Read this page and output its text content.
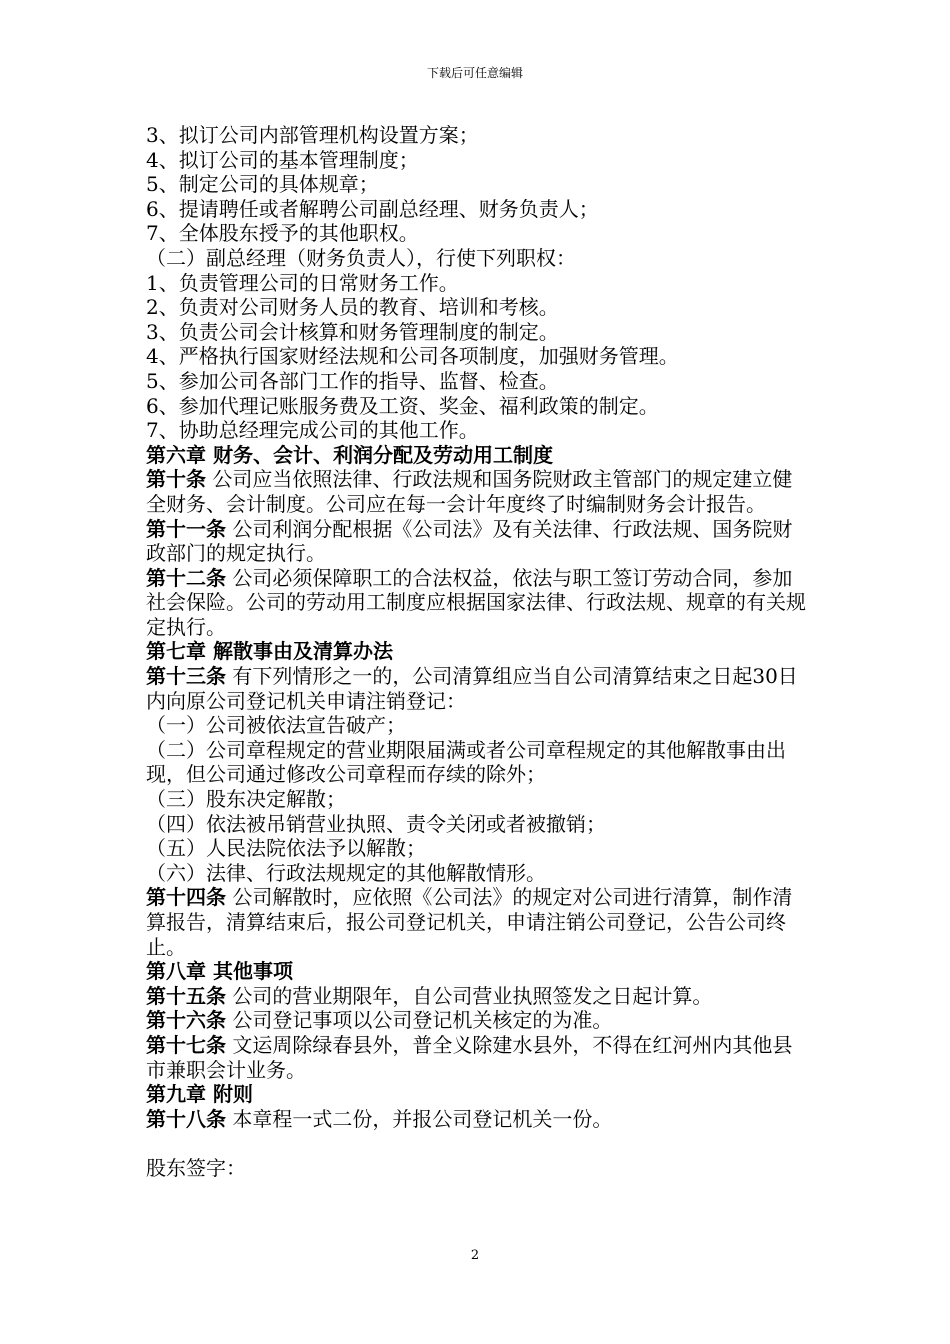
下载后可任意编辑

3、拟订公司内部管理机构设置方案；

4、拟订公司的基本管理制度；

5、制定公司的具体规章；

6、提请聘任或者解聘公司副总经理、财务负责人；

7、全体股东授予的其他职权。

（二）副总经理（财务负责人），行使下列职权：

1、负责管理公司的日常财务工作。

2、负责对公司财务人员的教育、培训和考核。

3、负责公司会计核算和财务管理制度的制定。

4、严格执行国家财经法规和公司各项制度，加强财务管理。

5、参加公司各部门工作的指导、监督、检查。

6、参加代理记账服务费及工资、奖金、福利政策的制定。

7、协助总经理完成公司的其他工作。

第六章 财务、会计、利润分配及劳动用工制度

第十条 公司应当依照法律、行政法规和国务院财政主管部门的规定建立健全财务、会计制度。公司应在每一会计年度终了时编制财务会计报告。

第十一条 公司利润分配根据《公司法》及有关法律、行政法规、国务院财政部门的规定执行。

第十二条 公司必须保障职工的合法权益，依法与职工签订劳动合同，参加社会保险。公司的劳动用工制度应根据国家法律、行政法规、规章的有关规定执行。

第七章 解散事由及清算办法

第十三条 有下列情形之一的，公司清算组应当自公司清算结束之日起30日内向原公司登记机关申请注销登记：

（一）公司被依法宣告破产；

（二）公司章程规定的营业期限届满或者公司章程规定的其他解散事由出现，但公司通过修改公司章程而存续的除外；

（三）股东决定解散；

（四）依法被吊销营业执照、责令关闭或者被撤销；

（五）人民法院依法予以解散；

（六）法律、行政法规规定的其他解散情形。

第十四条 公司解散时，应依照《公司法》的规定对公司进行清算，制作清算报告，清算结束后，报公司登记机关，申请注销公司登记，公告公司终止。

第八章 其他事项

第十五条 公司的营业期限年，自公司营业执照签发之日起计算。

第十六条 公司登记事项以公司登记机关核定的为准。

第十七条 文运周除绿春县外，普全义除建水县外，不得在红河州内其他县市兼职会计业务。

第九章 附则

第十八条 本章程一式二份，并报公司登记机关一份。

股东签字：

2
